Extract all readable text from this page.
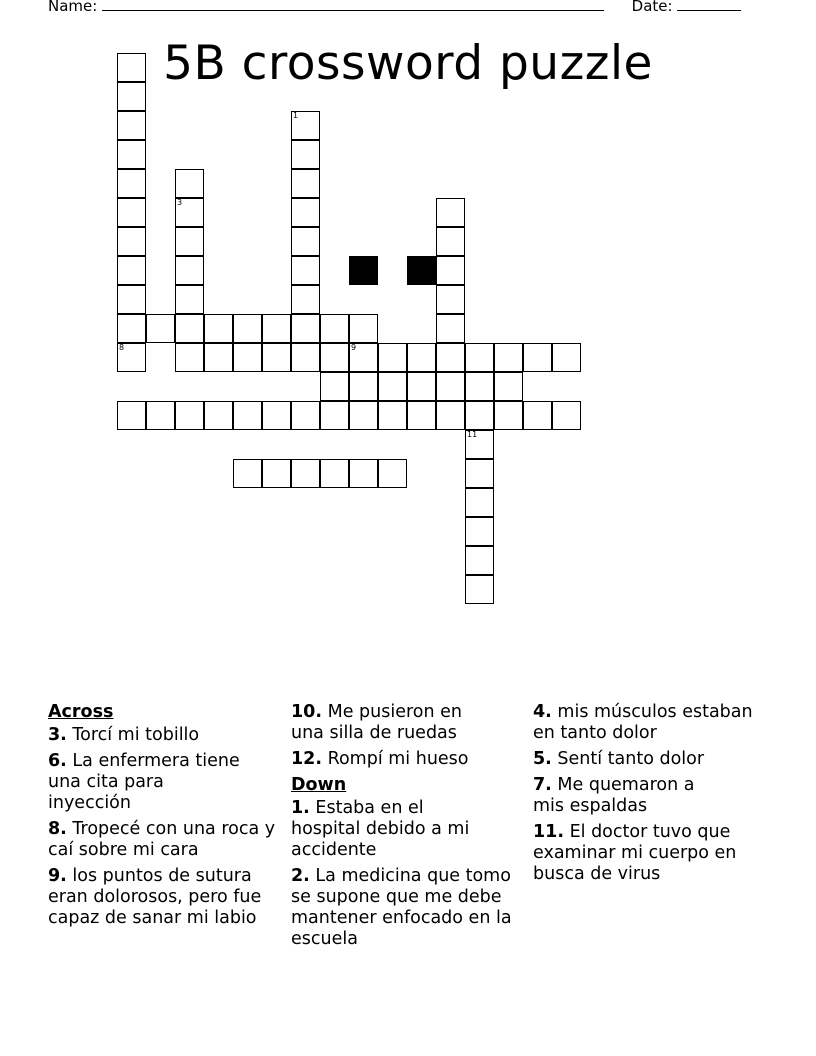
Name:	Date:
5B crossword puzzle
1
3
8	9
11
Across
3. Torcí mi tobillo
6. La enfermera tiene una cita para inyección
8. Tropecé con una roca y caí sobre mi cara
9. los puntos de sutura eran dolorosos, pero fue capaz de sanar mi labio
10. Me pusieron en una silla de ruedas
12. Rompí mi hueso
Down
1. Estaba en el hospital debido a mi accidente
2. La medicina que tomo se supone que me debe mantener enfocado en la escuela
4. mis músculos estaban en tanto dolor
5. Sentí tanto dolor
7. Me quemaron a mis espaldas
11. El doctor tuvo que examinar mi cuerpo en busca de virus
